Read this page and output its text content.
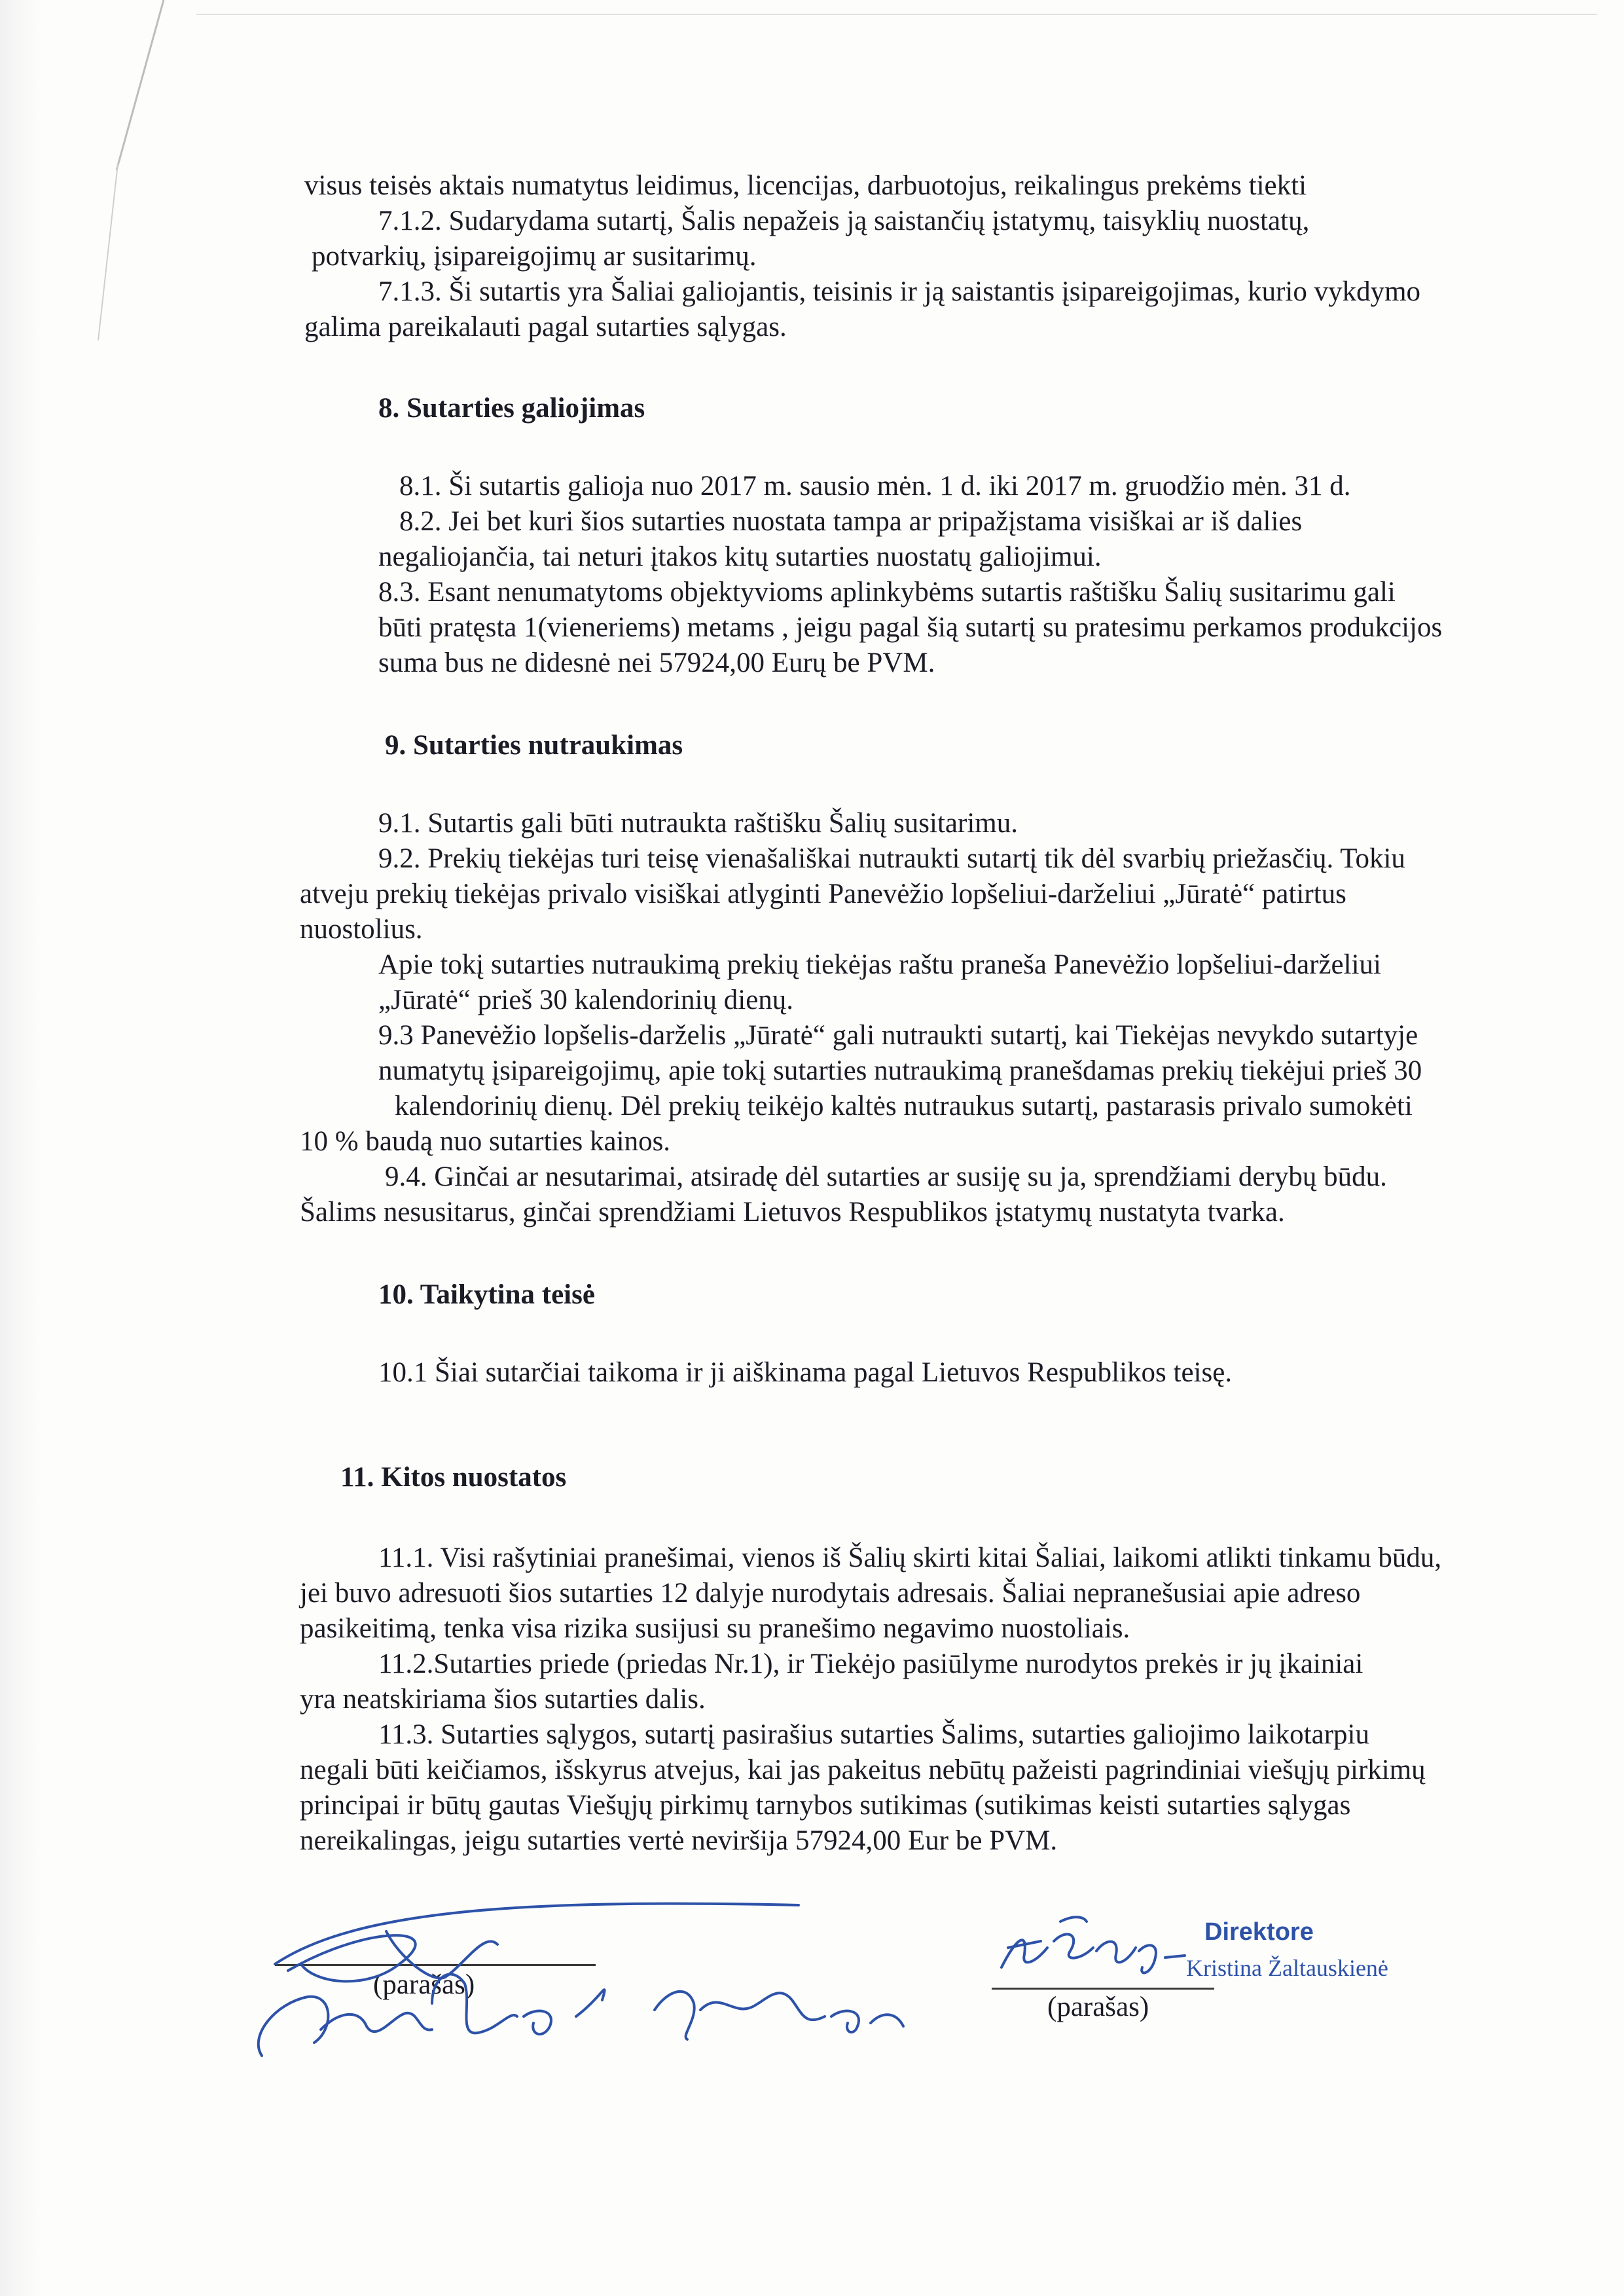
visus teisės aktais numatytus leidimus, licencijas, darbuotojus, reikalingus prekėms tiekti

7.1.2. Sudarydama sutartį, Šalis nepažeis ją saistančių įstatymų, taisyklių nuostatų,

potvarkių, įsipareigojimų ar susitarimų.

7.1.3. Ši sutartis yra Šaliai galiojantis, teisinis ir ją saistantis įsipareigojimas, kurio vykdymo

galima pareikalauti pagal sutarties sąlygas.

8. Sutarties galiojimas

8.1. Ši sutartis galioja nuo 2017 m. sausio mėn. 1 d. iki 2017 m. gruodžio mėn. 31 d.

8.2. Jei bet kuri šios sutarties nuostata tampa ar pripažįstama visiškai ar iš dalies

negaliojančia, tai neturi įtakos kitų sutarties nuostatų galiojimui.

8.3. Esant nenumatytoms objektyvioms aplinkybėms sutartis raštišku Šalių susitarimu gali

būti pratęsta 1(vieneriems) metams , jeigu pagal šią sutartį su pratesimu perkamos produkcijos

suma bus ne didesnė nei 57924,00 Eurų be PVM.

9. Sutarties nutraukimas

9.1. Sutartis gali būti nutraukta raštišku Šalių susitarimu.

9.2. Prekių tiekėjas turi teisę vienašališkai nutraukti sutartį tik dėl svarbių priežasčių. Tokiu

atveju prekių tiekėjas privalo visiškai atlyginti Panevėžio lopšeliui-darželiui „Jūratė“ patirtus

nuostolius.

Apie tokį sutarties nutraukimą prekių tiekėjas raštu praneša Panevėžio lopšeliui-darželiui

„Jūratė“ prieš 30 kalendorinių dienų.

9.3 Panevėžio lopšelis-darželis „Jūratė“ gali nutraukti sutartį, kai Tiekėjas nevykdo sutartyje

numatytų įsipareigojimų, apie tokį sutarties nutraukimą pranešdamas prekių tiekėjui prieš 30

kalendorinių dienų. Dėl prekių teikėjo kaltės nutraukus sutartį, pastarasis privalo sumokėti

10 % baudą nuo sutarties kainos.

9.4. Ginčai ar nesutarimai, atsiradę dėl sutarties ar susiję su ja, sprendžiami derybų būdu.

Šalims nesusitarus, ginčai sprendžiami Lietuvos Respublikos įstatymų nustatyta tvarka.

10. Taikytina teisė

10.1 Šiai sutarčiai taikoma ir ji aiškinama pagal Lietuvos Respublikos teisę.

11. Kitos nuostatos

11.1. Visi rašytiniai pranešimai, vienos iš Šalių skirti kitai Šaliai, laikomi atlikti tinkamu būdu,

jei buvo adresuoti šios sutarties 12 dalyje nurodytais adresais. Šaliai nepranešusiai apie adreso

pasikeitimą, tenka visa rizika susijusi su pranešimo negavimo nuostoliais.

11.2.Sutarties priede (priedas Nr.1), ir Tiekėjo pasiūlyme nurodytos prekės ir jų įkainiai

yra neatskiriama šios sutarties dalis.

11.3. Sutarties sąlygos, sutartį pasirašius sutarties Šalims, sutarties galiojimo laikotarpiu

negali būti keičiamos, išskyrus atvejus, kai jas pakeitus nebūtų pažeisti pagrindiniai viešųjų pirkimų

principai ir būtų gautas Viešųjų pirkimų tarnybos sutikimas (sutikimas keisti sutarties sąlygas

nereikalingas, jeigu sutarties vertė neviršija 57924,00 Eur be PVM.

(parašas)
(parašas)
Direktore
Kristina Žaltauskienė
